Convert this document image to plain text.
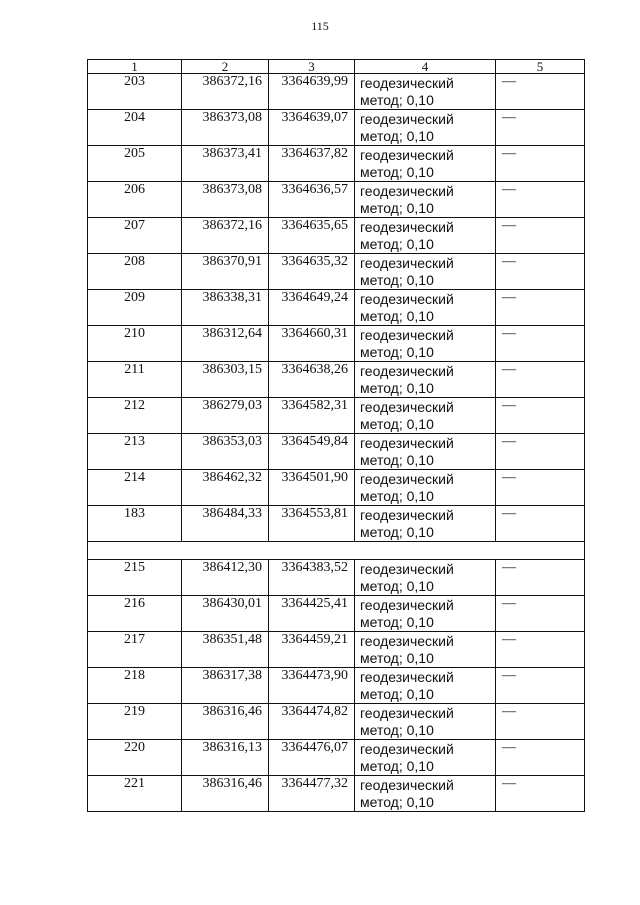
115
1	2	3	4	5
203	386372,16	3364639,99	геодезический
метод; 0,10	—
204	386373,08	3364639,07	геодезический
метод; 0,10	—
205	386373,41	3364637,82	геодезический
метод; 0,10	—
206	386373,08	3364636,57	геодезический
метод; 0,10	—
207	386372,16	3364635,65	геодезический
метод; 0,10	—
208	386370,91	3364635,32	геодезический
метод; 0,10	—
209	386338,31	3364649,24	геодезический
метод; 0,10	—
210	386312,64	3364660,31	геодезический
метод; 0,10	—
211	386303,15	3364638,26	геодезический
метод; 0,10	—
212	386279,03	3364582,31	геодезический
метод; 0,10	—
213	386353,03	3364549,84	геодезический
метод; 0,10	—
214	386462,32	3364501,90	геодезический
метод; 0,10	—
183	386484,33	3364553,81	геодезический
метод; 0,10	—

215	386412,30	3364383,52	геодезический
метод; 0,10	—
216	386430,01	3364425,41	геодезический
метод; 0,10	—
217	386351,48	3364459,21	геодезический
метод; 0,10	—
218	386317,38	3364473,90	геодезический
метод; 0,10	—
219	386316,46	3364474,82	геодезический
метод; 0,10	—
220	386316,13	3364476,07	геодезический
метод; 0,10	—
221	386316,46	3364477,32	геодезический
метод; 0,10	—
